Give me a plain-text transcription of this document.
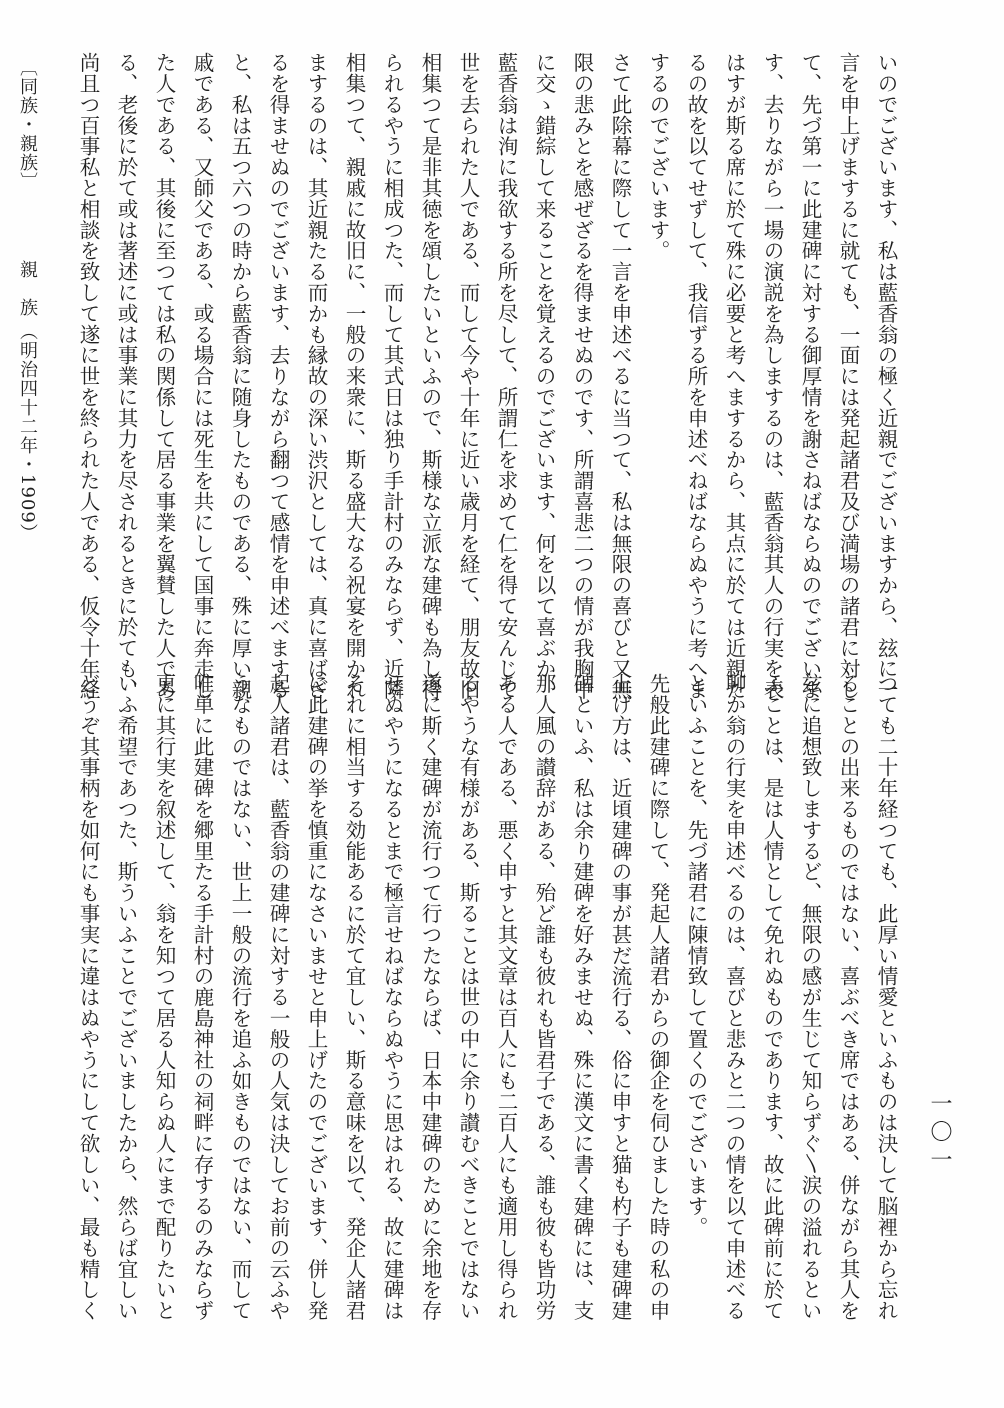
いのでございます、私は藍香翁の極く近親でございますから、玆に一
言を申上げまするに就ても、一面には発起諸君及び満場の諸君に対し
て、先づ第一に此建碑に対する御厚情を謝さねばならぬのでございま
す、去りながら一場の演説を為しまするのは、藍香翁其人の行実を表
はすが斯る席に於て殊に必要と考へまするから、其点に於ては近親た
るの故を以てせずして、我信ずる所を申述べねばならぬやうに考へま
するのでございます。
さて此除幕に際して一言を申述べるに当つて、私は無限の喜びと又無
限の悲みとを感ぜざるを得ませぬのです、所謂喜悲二つの情が我胸中
に交ゝ錯綜して来ることを覚えるのでございます、何を以て喜ぶか、
藍香翁は洵に我欲する所を尽して、所謂仁を求めて仁を得て安んじて
世を去られた人である、而して今や十年に近い歳月を経て、朋友故旧
相集つて是非其徳を頌したいといふので、斯様な立派な建碑も為し得
られるやうに相成つた、而して其式日は独り手計村のみならず、近隣
相集つて、親戚に故旧に、一般の来衆に、斯る盛大なる祝宴を開かれ
まするのは、其近親たる而かも縁故の深い渋沢としては、真に喜ばざ
るを得ませぬのでございます、去りながら翻つて感情を申述べまする
と、私は五つ六つの時から藍香翁に随身したものである、殊に厚い親
戚である、又師父である、或る場合には死生を共にして国事に奔走し
た人である、其後に至つては私の関係して居る事業を翼賛した人であ
る、老後に於て或は著述に或は事業に其力を尽されるときに於ても、
尚且つ百事私と相談を致して遂に世を終られた人である、仮令十年経
つても二十年経つても、此厚い情愛といふものは決して脳裡から忘れ
ることの出来るものではない、喜ぶべき席ではある、併ながら其人を
玆に追想致しまするど、無限の感が生じて知らずぐ〵涙の溢れるとい
ふことは、是は人情として免れぬものであります、故に此碑前に於て
聊か翁の行実を申述べるのは、喜びと悲みと二つの情を以て申述べる
といふことを、先づ諸君に陳情致して置くのでございます。
先般此建碑に際して、発起人諸君からの御企を伺ひました時の私の申
上げ方は、近頃建碑の事が甚だ流行る、俗に申すと猫も杓子も建碑建
碑といふ、私は余り建碑を好みませぬ、殊に漢文に書く建碑には、支
那人風の讃辞がある、殆ど誰も彼れも皆君子である、誰も彼も皆功労
ある人である、悪く申すと其文章は百人にも二百人にも適用し得られ
るやうな有様がある、斯ることは世の中に余り讃むべきことではない
遂に斯く建碑が流行つて行つたならば、日本中建碑のために余地を存
せぬやうになるとまで極言せねばならぬやうに思はれる、故に建碑は
それに相当する効能あるに於て宜しい、斯る意味を以て、発企人諸君
に此建碑の挙を慎重になさいませと申上げたのでございます、併し発
起人諸君は、藍香翁の建碑に対する一般の人気は決してお前の云ふや
うなものではない、世上一般の流行を追ふ如きものではない、而して
唯単に此建碑を郷里たる手計村の鹿島神社の祠畔に存するのみならず
更に其行実を叙述して、翁を知つて居る人知らぬ人にまで配りたいと
いふ希望であつた、斯ういふことでございましたから、然らば宜しい
どうぞ其事柄を如何にも事実に違はぬやうにして欲しい、最も精しく
〔同族・親族〕
親　族
（明治四十二年・1909）
一〇一
